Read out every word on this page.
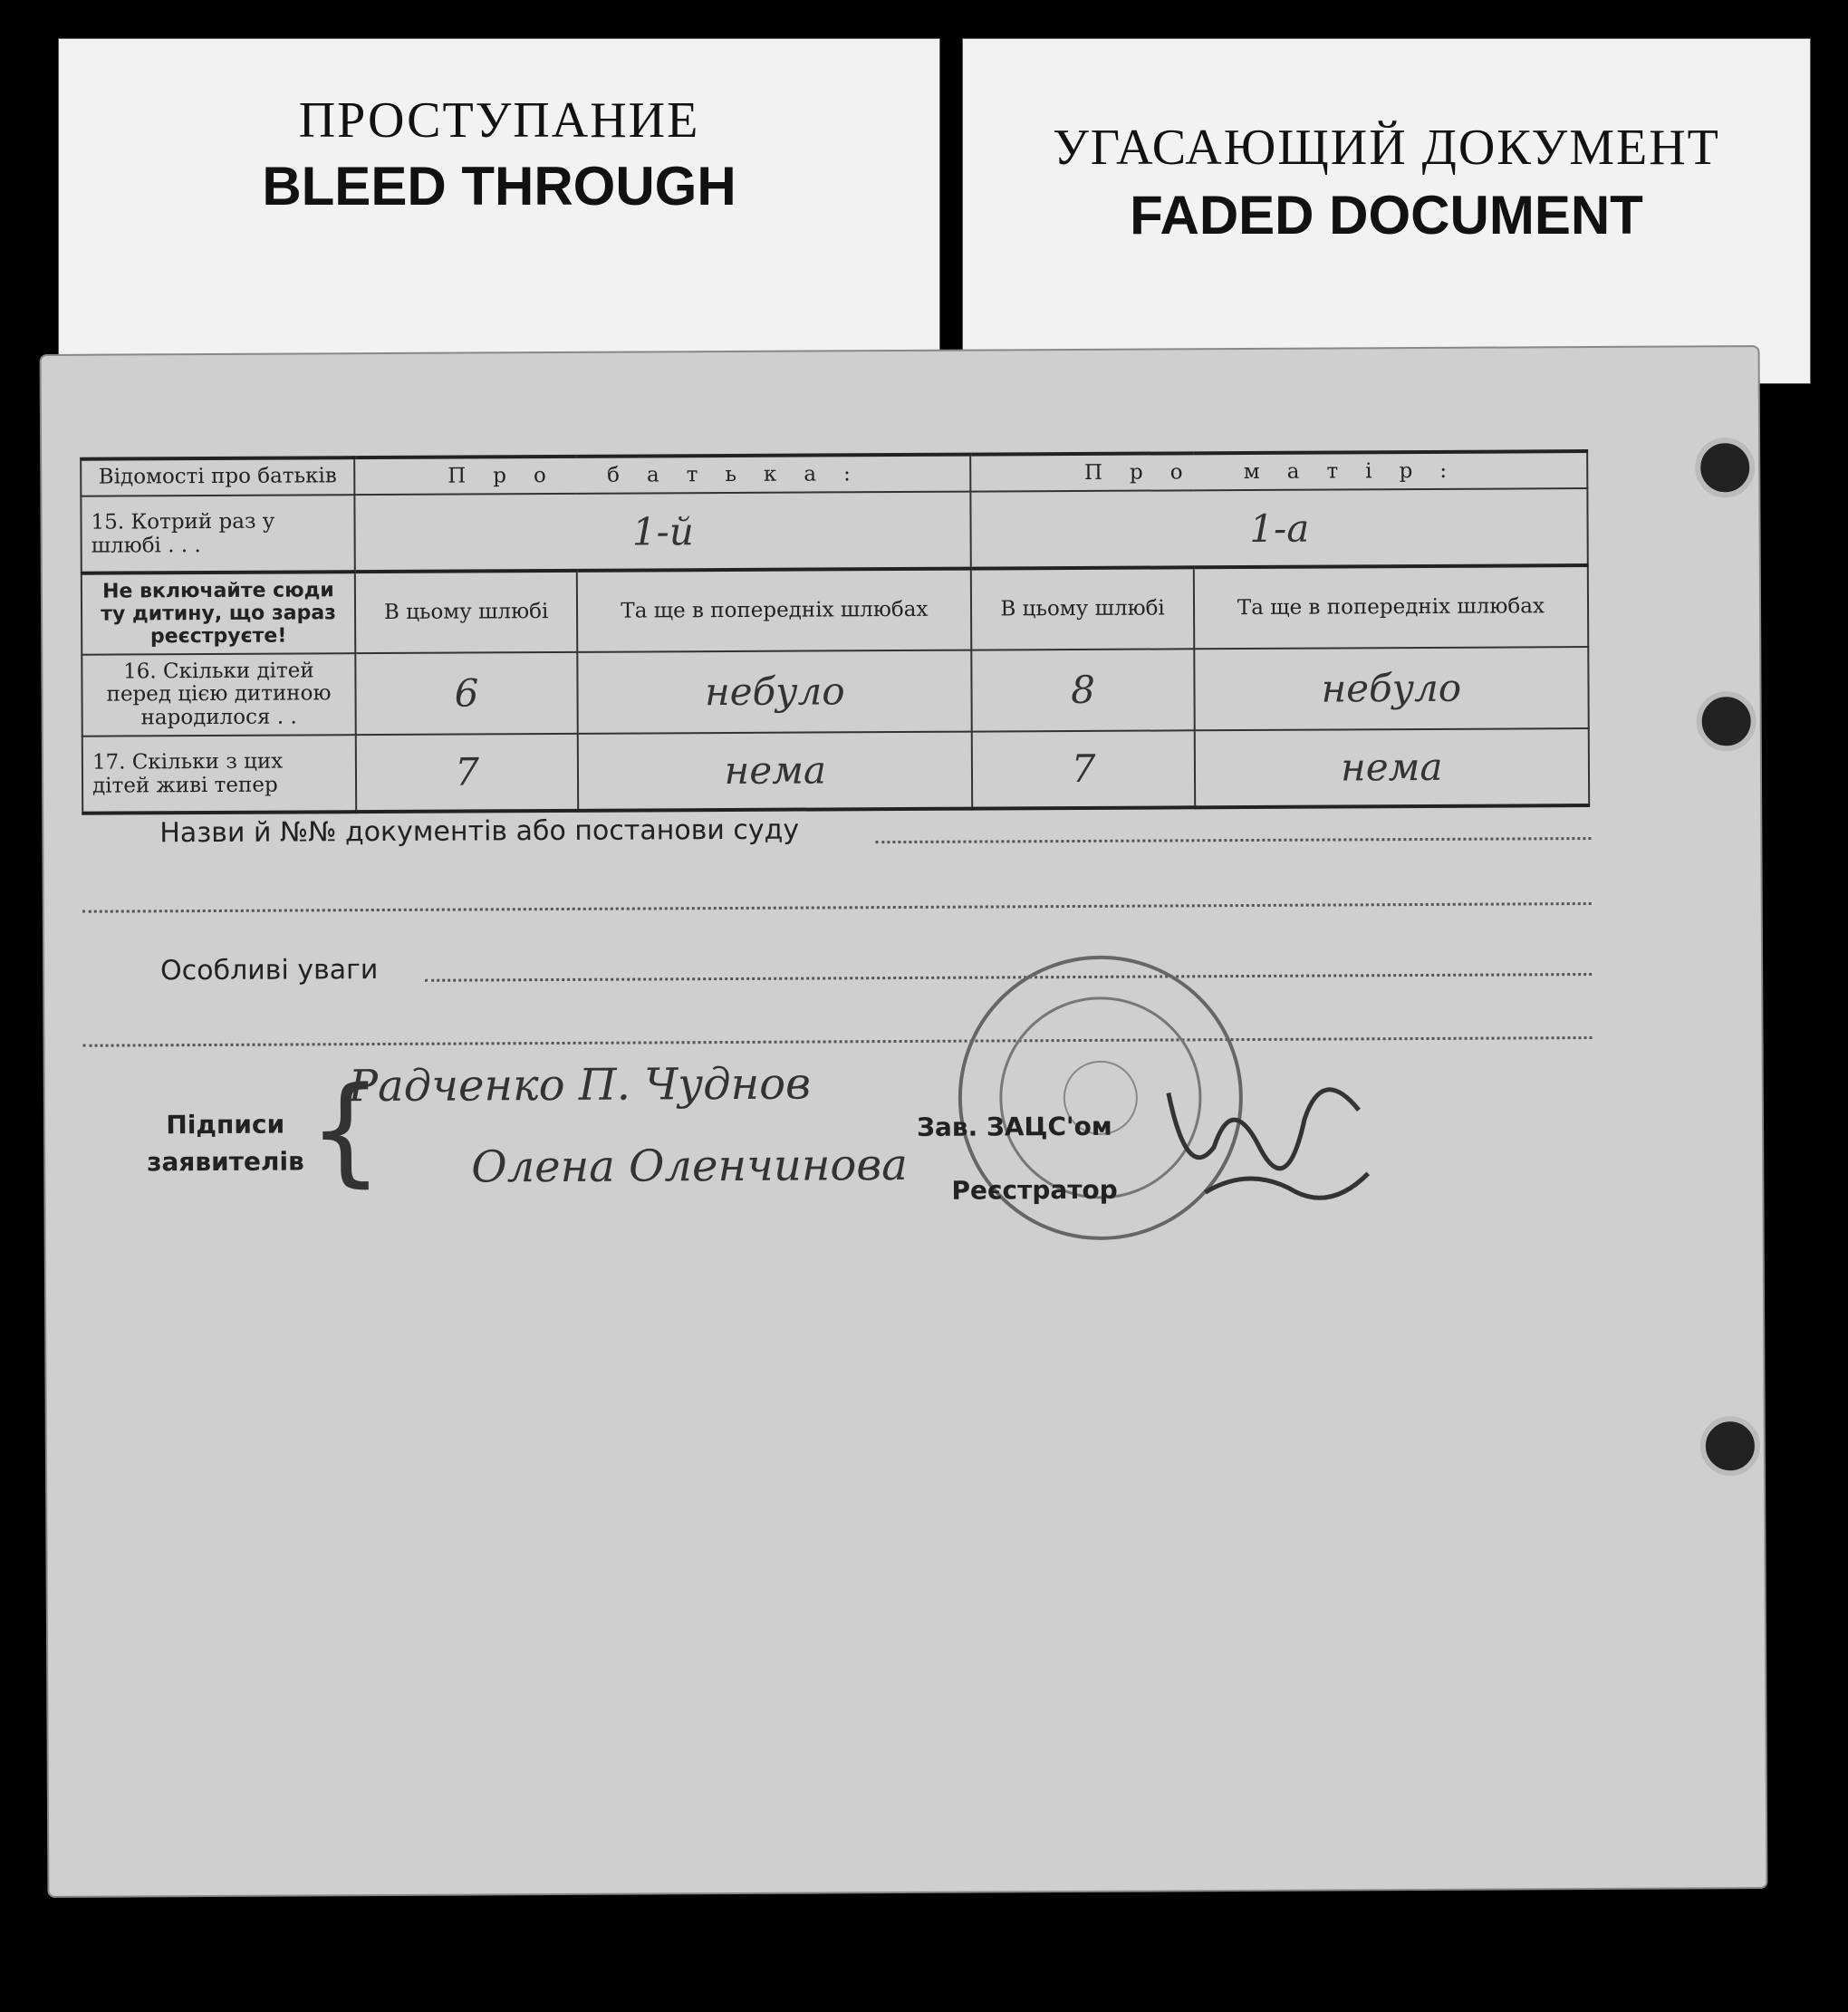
ПРОСТУПАНИЕ
BLEED THROUGH
УГАСАЮЩИЙ ДОКУМЕНТ
FADED DOCUMENT
Відомості про батьків	Про батька:		Про матір:	
15. Котрий раз у шлюбі . . .	1-й		1-а	
Не включайте сюди ту дитину, що зараз реєструєте!	В цьому шлюбі	Та ще в попередніх шлюбах	В цьому шлюбі	Та ще в попередніх шлюбах
16. Скільки дітей перед цією дитиною народилося . .	6	небуло	8	небуло
17. Скільки з цих дітей живі тепер	7	нема	7	нема
Назви й №№ документів або постанови суду
Особливі уваги
Підписи
заявителів {
Радченко П. Чуднов
Олена Оленчинова
Зав. ЗАЦС'ом
Реєстратор
